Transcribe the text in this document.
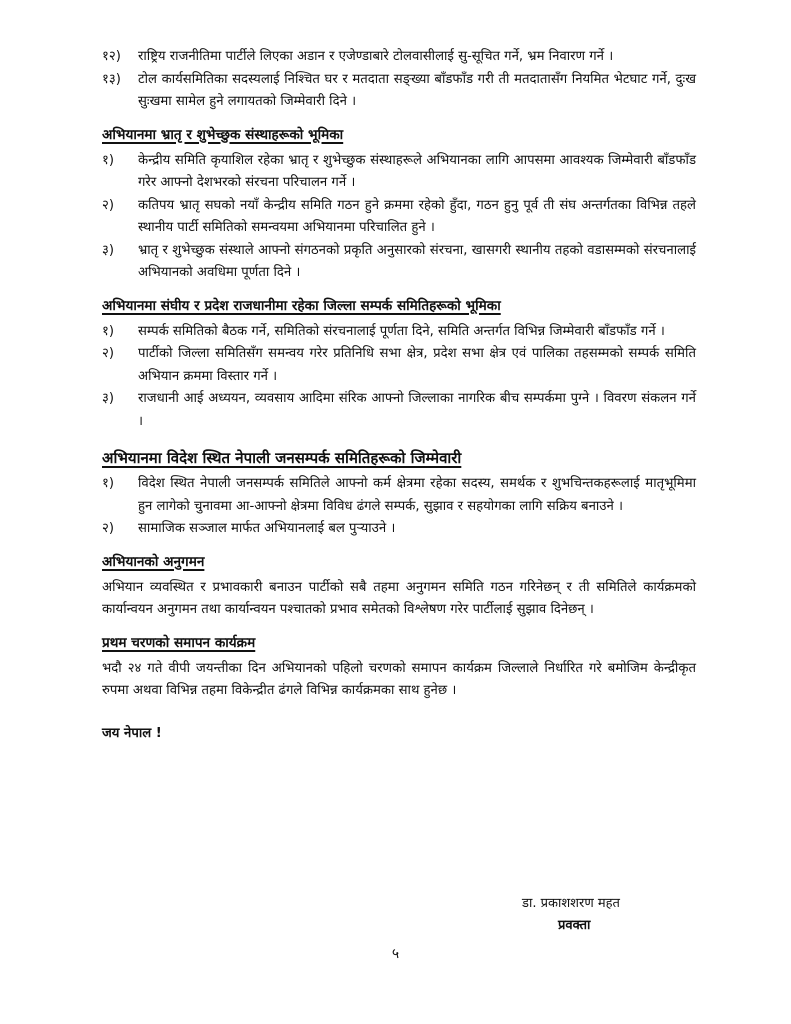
१२)	राष्ट्रिय राजनीतिमा पार्टीले लिएका अडान र एजेण्डाबारे टोलवासीलाई सु-सूचित गर्ने, भ्रम निवारण गर्ने ।
१३)	टोल कार्यसमितिका सदस्यलाई निश्चित घर र मतदाता सङ्ख्या बाँडफाँड गरी ती मतदातासँग नियमित भेटघाट गर्ने, दुःख सुःखमा सामेल हुने लगायतको जिम्मेवारी दिने ।
अभियानमा भ्रातृ र शुभेच्छुक संस्थाहरूको भूमिका
१)	केन्द्रीय समिति कृयाशिल रहेका भ्रातृ र शुभेच्छुक संस्थाहरूले अभियानका लागि आपसमा आवश्यक जिम्मेवारी बाँडफाँड गरेर आफ्नो देशभरको संरचना परिचालन गर्ने ।
२)	कतिपय भ्रातृ सघको नयाँ केन्द्रीय समिति गठन हुने क्रममा रहेको हुँदा, गठन हुनु पूर्व ती संघ अन्तर्गतका विभिन्न तहले स्थानीय पार्टी समितिको समन्वयमा अभियानमा परिचालित हुने ।
३)	भ्रातृ र शुभेच्छुक संस्थाले आफ्नो संगठनको प्रकृति अनुसारको संरचना, खासगरी स्थानीय तहको वडासम्मको संरचनालाई अभियानको अवधिमा पूर्णता दिने ।
अभियानमा संघीय र प्रदेश राजधानीमा रहेका जिल्ला सम्पर्क समितिहरूको भूमिका
१)	सम्पर्क समितिको बैठक गर्ने, समितिको संरचनालाई पूर्णता दिने, समिति अन्तर्गत विभिन्न जिम्मेवारी बाँडफाँड गर्ने ।
२)	पार्टीको जिल्ला समितिसँग समन्वय गरेर प्रतिनिधि सभा क्षेत्र, प्रदेश सभा क्षेत्र एवं पालिका तहसम्मको सम्पर्क समिति अभियान क्रममा विस्तार गर्ने ।
३)	राजधानी आई अध्ययन, व्यवसाय आदिमा संरिक आफ्नो जिल्लाका नागरिक बीच सम्पर्कमा पुग्ने । विवरण संकलन गर्ने ।
अभियानमा विदेश स्थित नेपाली जनसम्पर्क समितिहरूको जिम्मेवारी
१)	विदेश स्थित नेपाली जनसम्पर्क समितिले आफ्नो कर्म क्षेत्रमा रहेका सदस्य, समर्थक र शुभचिन्तकहरूलाई मातृभूमिमा हुन लागेको चुनावमा आ-आफ्नो क्षेत्रमा विविध ढंगले सम्पर्क, सुझाव र सहयोगका लागि सक्रिय बनाउने ।
२)	सामाजिक सञ्जाल मार्फत अभियानलाई बल पुर्‍याउने ।
अभियानको अनुगमन
अभियान व्यवस्थित र प्रभावकारी बनाउन पार्टीको सबै तहमा अनुगमन समिति गठन गरिनेछन् र ती समितिले कार्यक्रमको कार्यान्वयन अनुगमन तथा कार्यान्वयन पश्चातको प्रभाव समेतको विश्लेषण गरेर पार्टीलाई सुझाव दिनेछन् ।
प्रथम चरणको समापन कार्यक्रम
भदौ २४ गते वीपी जयन्तीका दिन अभियानको पहिलो चरणको समापन कार्यक्रम जिल्लाले निर्धारित गरे बमोजिम केन्द्रीकृत रुपमा अथवा विभिन्न तहमा विकेन्द्रीत ढंगले विभिन्न कार्यक्रमका साथ हुनेछ ।
जय नेपाल !
डा. प्रकाशशरण महत
प्रवक्ता
५
